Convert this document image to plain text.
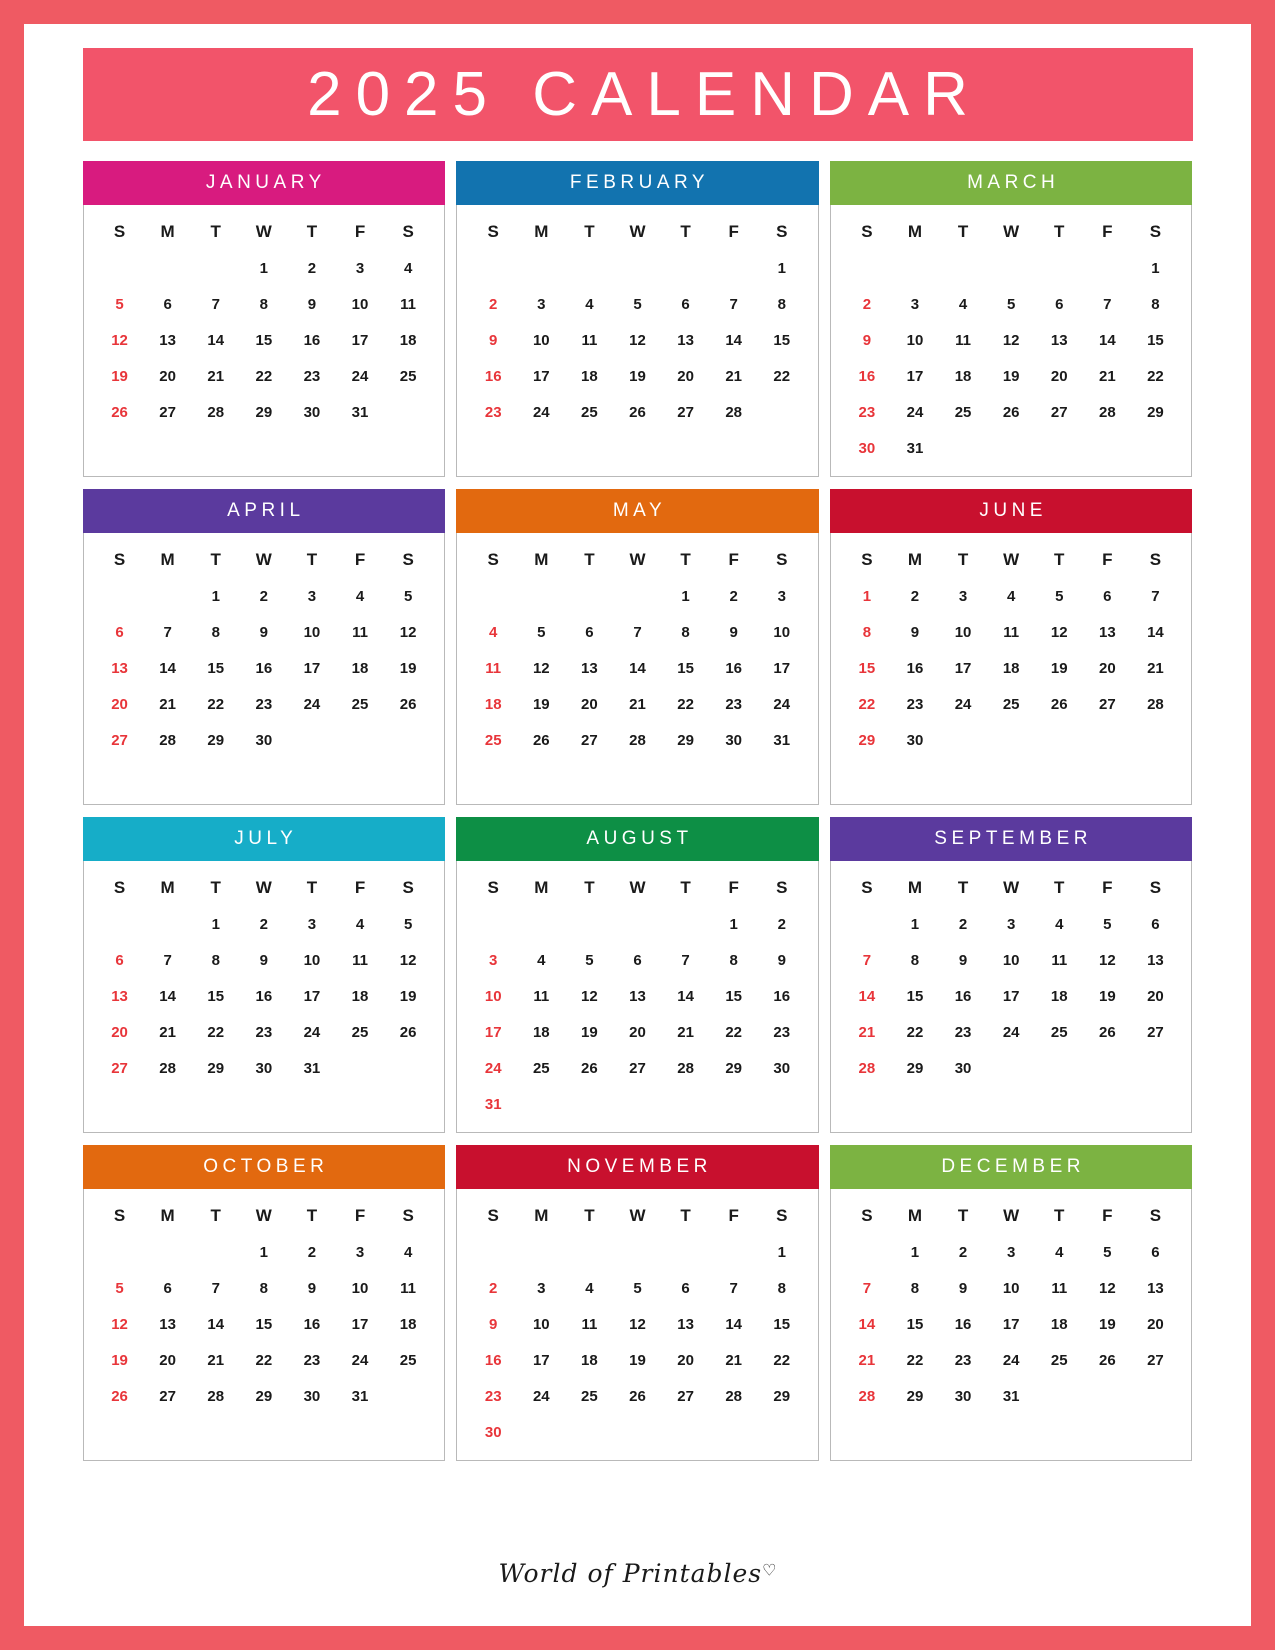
2025 CALENDAR
JANUARY
S	M	T	W	T	F	S
			1	2	3	4
5	6	7	8	9	10	11
12	13	14	15	16	17	18
19	20	21	22	23	24	25
26	27	28	29	30	31	
FEBRUARY
S	M	T	W	T	F	S
						1
2	3	4	5	6	7	8
9	10	11	12	13	14	15
16	17	18	19	20	21	22
23	24	25	26	27	28	
MARCH
S	M	T	W	T	F	S
						1
2	3	4	5	6	7	8
9	10	11	12	13	14	15
16	17	18	19	20	21	22
23	24	25	26	27	28	29
30	31					
APRIL
S	M	T	W	T	F	S
		1	2	3	4	5
6	7	8	9	10	11	12
13	14	15	16	17	18	19
20	21	22	23	24	25	26
27	28	29	30			
MAY
S	M	T	W	T	F	S
				1	2	3
4	5	6	7	8	9	10
11	12	13	14	15	16	17
18	19	20	21	22	23	24
25	26	27	28	29	30	31
JUNE
S	M	T	W	T	F	S
1	2	3	4	5	6	7
8	9	10	11	12	13	14
15	16	17	18	19	20	21
22	23	24	25	26	27	28
29	30					
JULY
S	M	T	W	T	F	S
		1	2	3	4	5
6	7	8	9	10	11	12
13	14	15	16	17	18	19
20	21	22	23	24	25	26
27	28	29	30	31		
AUGUST
S	M	T	W	T	F	S
					1	2
3	4	5	6	7	8	9
10	11	12	13	14	15	16
17	18	19	20	21	22	23
24	25	26	27	28	29	30
31						
SEPTEMBER
S	M	T	W	T	F	S
	1	2	3	4	5	6
7	8	9	10	11	12	13
14	15	16	17	18	19	20
21	22	23	24	25	26	27
28	29	30				
OCTOBER
S	M	T	W	T	F	S
			1	2	3	4
5	6	7	8	9	10	11
12	13	14	15	16	17	18
19	20	21	22	23	24	25
26	27	28	29	30	31	
NOVEMBER
S	M	T	W	T	F	S
						1
2	3	4	5	6	7	8
9	10	11	12	13	14	15
16	17	18	19	20	21	22
23	24	25	26	27	28	29
30						
DECEMBER
S	M	T	W	T	F	S
	1	2	3	4	5	6
7	8	9	10	11	12	13
14	15	16	17	18	19	20
21	22	23	24	25	26	27
28	29	30	31			
World of Printables♡
